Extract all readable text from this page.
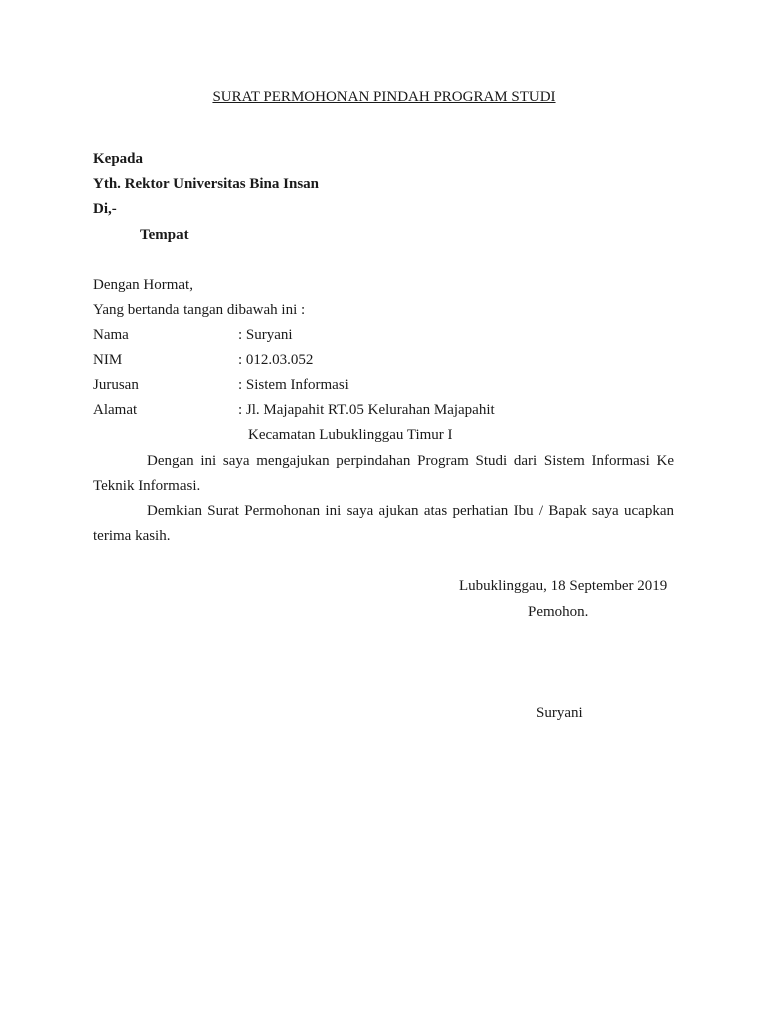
SURAT PERMOHONAN PINDAH PROGRAM STUDI
Kepada
Yth. Rektor Universitas Bina Insan
Di,-
Tempat
Dengan Hormat,
Yang bertanda tangan dibawah ini :
Nama	: Suryani
NIM	: 012.03.052
Jurusan	: Sistem Informasi
Alamat	: Jl. Majapahit RT.05 Kelurahan Majapahit
Kecamatan Lubuklinggau Timur I
Dengan ini saya mengajukan perpindahan Program Studi dari Sistem Informasi Ke
Teknik Informasi.
Demkian Surat Permohonan ini saya ajukan atas perhatian Ibu / Bapak saya ucapkan
terima kasih.
Lubuklinggau, 18 September 2019
Pemohon.
Suryani
